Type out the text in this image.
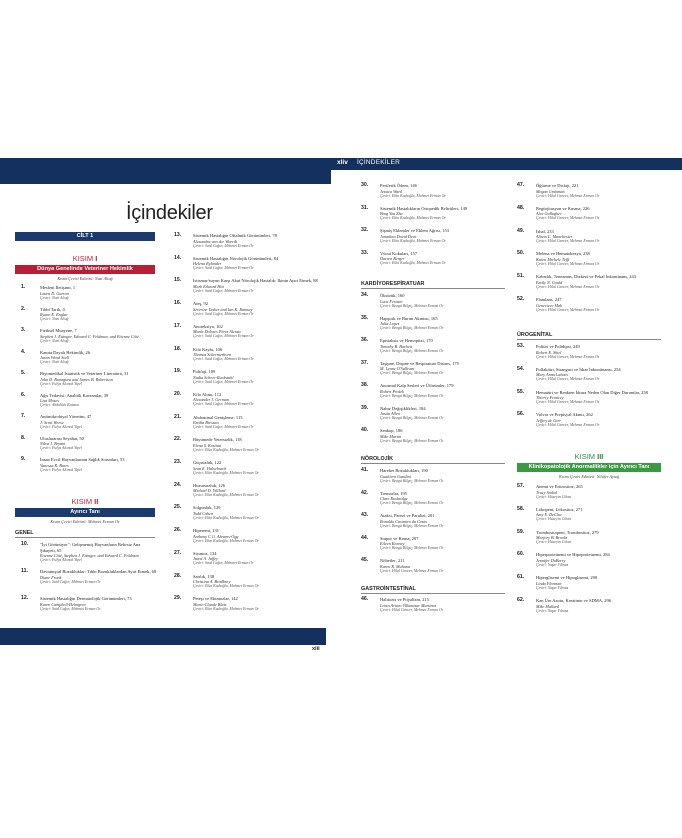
xliv İÇİNDEKİLER
İçindekiler
CİLT 1
KISIM I
Dünya Genelinde Veteriner Hekimlik
Kısım Çeviri Editörü: Nazi Altuğ
1.	Mesleni İletişimi, 1
Laura D. Garrett
Çeviri: Nazi Altuğ
2.	Tıbbi Tarih, 4
Ryane E. Englar
Çeviri: Nazi Altuğ
3.	Fiziksel Muayene, 7
Stephen J. Ettinger, Edward C. Feldman, and Etienne Côté
Çeviri: Nazi Altuğ
4.	Kanıta Dayalı Hekimlik, 26
Jason Wood Stull
Çeviri: Nazi Altuğ
5.	Biyomedikal İstatistik ve Veteriner Literatürü, 31
John D. Bonagura and James B. Robertson
Çeviri: Fulya Altınok Yipel
6.	Ağrı Tedavisi: Analitik Kavramlar, 39
Lisa Moses
Çeviri: Abdullah Kaması
7.	Antimikrobiyal Yönetim, 47
J. Scott Weese
Çeviri: Fulya Altınok Yipel
8.	Uluslararası Seyahat, 50
Nilva J. Bryant
Çeviri: Fulya Altınok Yipel
9.	İnsan Evcil Hayvanlarının Sağlık Sorunları, 53
Vanessa R. Barrs
Çeviri: Fulya Altınok Yipel
KISIM II
Ayırıcı Tanı
Kısım Çeviri Editörü: Mehmet Erman Or
GENEL
10.	"İyi Görünüyor": Gelişmemiş Hayvanların Belirsiz Ana Şikayeti, 65
Etienne Côté, Stephen J. Ettinger, and Edward C. Feldman
Çeviri: Fulya Altınok Yipel
11.	Davranışsal Bozukluklar: Tıbbi Bozukluklardan Ayırt Etmek, 68
Diane Frank
Çeviri: Said Cağın, Mehmet Erman Or
12.	Sistemik Hastalığın Dermatolojik Görünümleri, 73
Karen Campbell-Helmgren
Çeviri: Said Cağın, Mehmet Erman Or
13.	Sistemik Hastalığın Oftalmik Görünümleri, 78
Alexandra van der Woerdt
Çeviri: Said Cağın, Mehmet Erman Or
14.	Sistemik Hastalığın Nörolojik Görünümleri, 84
Helena Rylander
Çeviri: Said Cağın, Mehmet Erman Or
15.	İstismar/suyun Karşı Akut Nörolojik Hastalık: İkinin Ayırt Etmek, 88
Mark Edward Hitt
Çeviri: Said Cağın, Mehmet Erman Or
16.	Ateş, 92
Séverine Tasker and Ian K. Ramsey
Çeviri: Said Cağın, Mehmet Erman Or
17.	Anoreksiya, 102
María Dolores Pérez Alenza
Çeviri: Said Cağın, Mehmet Erman Or
18.	Kilo Kaybı, 106
Thomas Schermerhorn
Çeviri: Said Cağın, Mehmet Erman Or
19.	Polifaji, 109
Nadia Scheer-Ruckstuhl
Çeviri: Said Cağın, Mehmet Erman Or
20.	Kilo Alımı, 112
Alexander J. German
Çeviri: Said Cağın, Mehmet Erman Or
21.	Abdominal Genişleme, 115
Emilia Bressan
Çeviri: Said Cağın, Mehmet Erman Or
22.	Büyümede Yetersizlik, 118
Elena S. Kostina
Çeviri: Ekin Kadıoğlu, Mehmet Erman Or
23.	Güçsüzlük, 122
Sean E. Hulsebosch
Çeviri: Ekin Kadıoğlu, Mehmet Erman Or
24.	Huzursuzluk, 126
Michael D. Willard
Çeviri: Ekin Kadıoğlu, Mehmet Erman Or
25.	Solgunluk, 129
Todd Cohen
Çeviri: Ekin Kadıoğlu, Mehmet Erman Or
26.	Hiperemi, 131
Anthony C.G. Abrams-Ogg
Çeviri: Ekin Kadıoğlu, Mehmet Erman Or
27.	Siyanoz, 134
Jared A. Jaffey
Çeviri: Said Cağın, Mehmet Erman Or
28.	Sarılık, 138
Christina A. Bradbury
Çeviri: Ekin Kadıoğlu, Mehmet Erman Or
29.	Peteşi ve Ekimozlar, 142
Marie-Claude Blais
Çeviri: Ekin Kadıoğlu, Mehmet Erman Or
30.	Periferik Ödem, 146
Jessica Ward
Çeviri: Ekin Kadıoğlu, Mehmet Erman Or
31.	Sistemik Hastalıkların Ortopedik Belirtileri, 149
Bing Yun Zhu
Çeviri: Ekin Kadıoğlu, Mehmet Erman Or
32.	Şişmiş Eklemler ve Eklem Ağrısı, 153
Jonathan David Dear
Çeviri: Ekin Kadıoğlu, Mehmet Erman Or
33.	Vücut Kokuları, 157
Darren Berger
Çeviri: Ekin Kadıoğlu, Mehmet Erman Or
KARDİYORESPİRATUAR
34.	Öksürük, 160
Luca Ferasin
Çeviri: Bengü Bilgiç, Mehmet Erman Or
35.	Hapşırık ve Burun Akıntısı, 165
Julia Lopez
Çeviri: Bengü Bilgiç, Mehmet Erman Or
36.	Epistaksis ve Hemoptizi, 170
Timothy B. Hackett
Çeviri: Bengü Bilgiç, Mehmet Erman Or
37.	Taşipne, Dispne ve Respiratuar Distres, 175
M. Lynne O'Sullivan
Çeviri: Bengü Bilgiç, Mehmet Erman Or
38.	Anormal Kalp Sesleri ve Üfürümler, 179
Robert Prošek
Çeviri: Bengü Bilgiç, Mehmet Erman Or
39.	Nabız Değişiklikleri, 184
Justin Allen
Çeviri: Bengü Bilgiç, Mehmet Erman Or
40.	Senkop, 186
Mike Martin
Çeviri: Bengü Bilgiç, Mehmet Erman Or
NÖROLOJİK
41.	Hareket Bozuklukları, 190
Gualtiero Gandini
Çeviri: Bengü Bilgiç, Mehmet Erman Or
42.	Tremorlar, 195
Clare Rusbridge
Çeviri: Bengü Bilgiç, Mehmet Erman Or
43.	Ataksi, Parezi ve Paralizi, 201
Ronaldo Casimiro da Costa
Çeviri: Bengü Bilgiç, Mehmet Erman Or
44.	Stupor ve Koma, 207
Eileen Kenney
Çeviri: Bengü Bilgiç, Mehmet Erman Or
45.	Nöbetler, 211
Karen R. Muñana
Çeviri: Hilal Gencer, Mehmet Erman Or
GASTROİNTESTİNAL
46.	Halitozis ve Ptiyalizm, 215
Lenin Arturo Villamizar Martinez
Çeviri: Hilal Gencer, Mehmet Erman Or
47.	Öğürme ve Disfaji, 221
Megan Grobman
Çeviri: Hilal Gencer, Mehmet Erman Or
48.	Regürjitasyon ve Kusma, 226
Alex Gallagher
Çeviri: Hilal Gencer, Mehmet Erman Or
49.	İshal, 233
Alison C. Manchester
Çeviri: Hilal Gencer, Mehmet Erman Or
50.	Melena ve Hematokezya, 238
Karen Michele Tefft
Çeviri: Hilal Gencer, Mehmet Erman Or
51.	Kabızlık, Tenezmus, Dizkezi ve Fekal İnkontinans, 243
Emily N. Gould
Çeviri: Hilal Gencer, Mehmet Erman Or
52.	Flatulans, 247
Genevieve Mak
Çeviri: Hilal Gencer, Mehmet Erman Or
ÜROGENİTAL
53.	Poliüri ve Polidipsi, 249
Robert E. Shiel
Çeviri: Hilal Gencer, Mehmet Erman Or
54.	Pollakiüri, Stranguri ve İdrar İnkontinansı, 254
Mary Anna Labato
Çeviri: Hilal Gencer, Mehmet Erman Or
55.	Hematüri ve Renkten İdrara Neden Olan Diğer Durumlar, 258
Thierry Francey
Çeviri: Hilal Gencer, Mehmet Erman Or
56.	Vulvar ve Prepisyal Akıntı, 262
Jeffrey de Gier
Çeviri: Hilal Gencer, Mehmet Erman Or
KISIM III
Klinikopatolojik Anormallikler için Ayırıcı Tanı
Kısım Çeviri Editörü: Nilüfer Aytuğ
57.	Anemi ve Eritrositoz, 265
Tracy Stokol
Çeviri: Hüseyin Cihan
58.	Lökopeni, Lökositoz, 271
Amy E. DeClue
Çeviri: Hüseyin Cihan
59.	Trombositopeni, Trombositoz, 279
Marjory B. Brooks
Çeviri: Hüseyin Cihan
60.	Hiperproteinemi ve Hipoproteinemi, 284
Jennifer DuBerry
Çeviri: Yaşar Yılmaz
61.	Hiperglisemi ve Hipoglisemi, 290
Linda Fleeman
Çeviri: Yaşar Yılmaz
62.	Kan Üre Azotu, Kreatinin ve SDMA, 296
Mike Mallard
Çeviri: Yaşar Yılmaz
xiii
